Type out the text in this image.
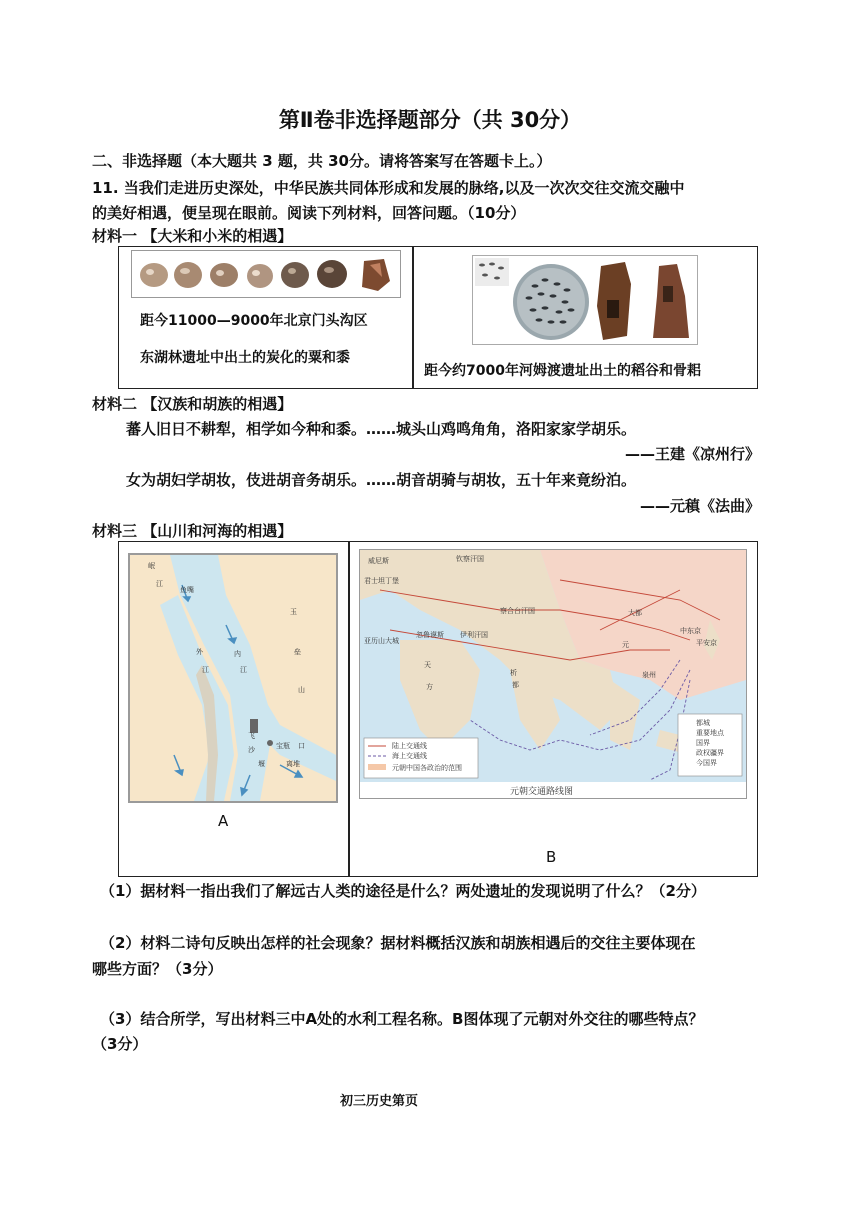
第Ⅱ卷非选择题部分（共 30分）
二、非选择题（本大题共 3 题，共 30分。请将答案写在答题卡上。）
11. 当我们走进历史深处，中华民族共同体形成和发展的脉络,以及一次次交往交流交融中
的美好相遇，便呈现在眼前。阅读下列材料，回答问题。（10分）
材料一 【大米和小米的相遇】
距今11000—9000年北京门头沟区
东湖林遗址中出土的炭化的粟和黍
距今约7000年河姆渡遗址出土的稻谷和骨耜
材料二 【汉族和胡族的相遇】
蕃人旧日不耕犁，相学如今种和黍。……城头山鸡鸣角角，洛阳家家学胡乐。
——王建《凉州行》
女为胡妇学胡妆，伎进胡音务胡乐。……胡音胡骑与胡妆，五十年来竟纷泊。
——元稹《法曲》
材料三 【山川和河海的相遇】
岷
江
鱼嘴
外
江
内
江
玉
垒
山
飞
沙
堰
宝瓶 口
离堆
A
威尼斯	钦察汗国
君士坦丁堡
伊利汗国
察合台汗国
亚历山大城
忽鲁谟斯
天
方
元
大都
析
都
泉州
中东京
平安京
陆上交通线
海上交通线
元朝中国各政治的范围
都城
重要地点
国界
政权疆界
今国界
元朝交通路线图
B
（1）据材料一指出我们了解远古人类的途径是什么？两处遗址的发现说明了什么？（2分）
（2）材料二诗句反映出怎样的社会现象？据材料概括汉族和胡族相遇后的交往主要体现在
哪些方面？（3分）
（3）结合所学，写出材料三中A处的水利工程名称。B图体现了元朝对外交往的哪些特点？
（3分）
初三历史第页
